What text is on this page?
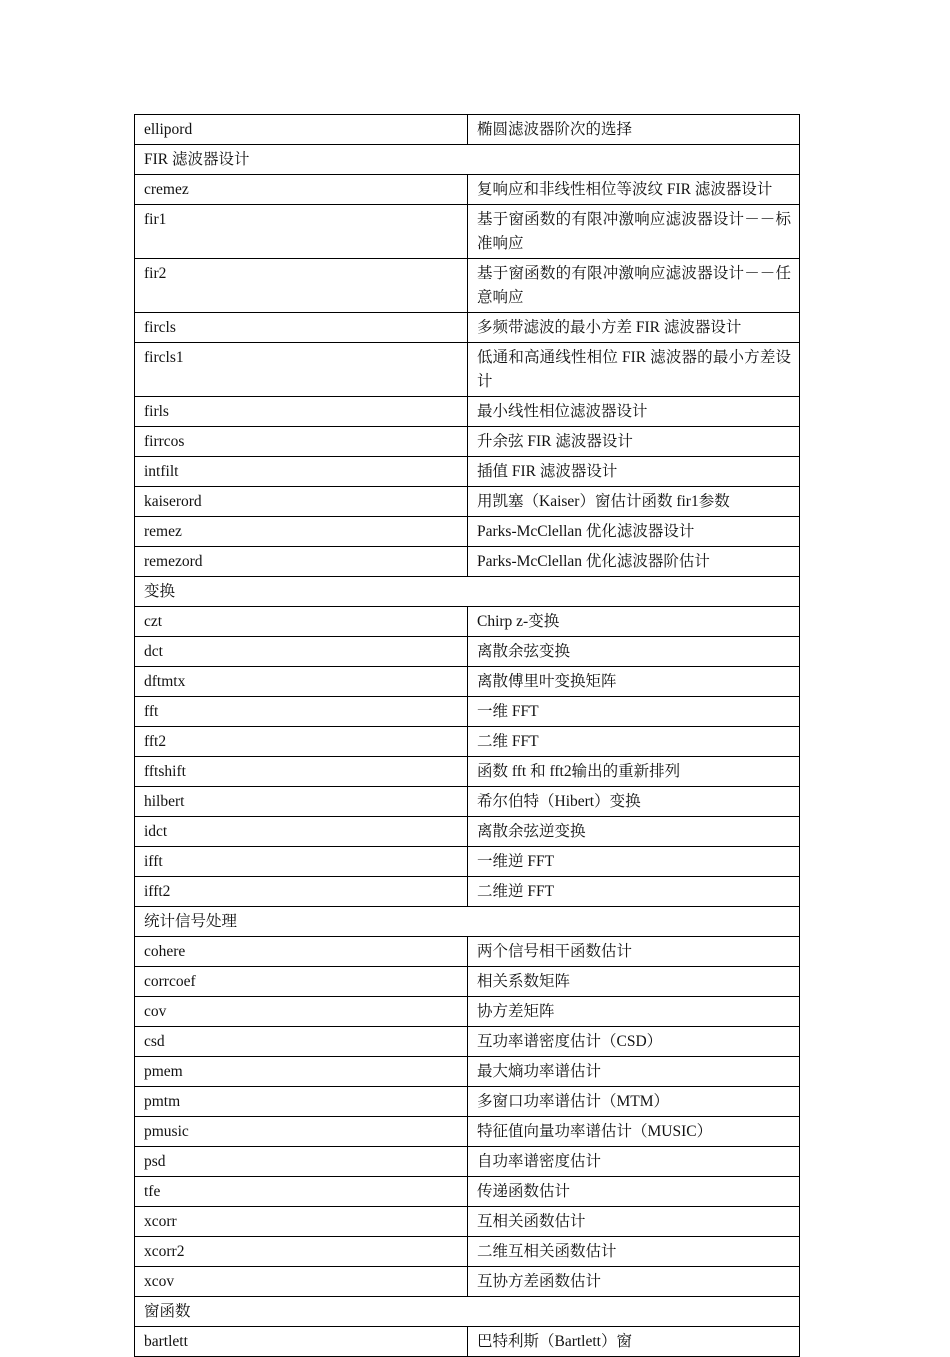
ellipord	椭圆滤波器阶次的选择
FIR 滤波器设计	
cremez	复响应和非线性相位等波纹 FIR 滤波器设计
fir1	基于窗函数的有限冲激响应滤波器设计－－标准响应
fir2	基于窗函数的有限冲激响应滤波器设计－－任意响应
fircls	多频带滤波的最小方差 FIR 滤波器设计
fircls1	低通和高通线性相位 FIR 滤波器的最小方差设计
firls	最小线性相位滤波器设计
firrcos	升余弦 FIR 滤波器设计
intfilt	插值 FIR 滤波器设计
kaiserord	用凯塞（Kaiser）窗估计函数 fir1参数
remez	Parks-McClellan 优化滤波器设计
remezord	Parks-McClellan 优化滤波器阶估计
变换	
czt	Chirp z-变换
dct	离散余弦变换
dftmtx	离散傅里叶变换矩阵
fft	一维 FFT
fft2	二维 FFT
fftshift	函数 fft 和 fft2输出的重新排列
hilbert	希尔伯特（Hibert）变换
idct	离散余弦逆变换
ifft	一维逆 FFT
ifft2	二维逆 FFT
统计信号处理	
cohere	两个信号相干函数估计
corrcoef	相关系数矩阵
cov	协方差矩阵
csd	互功率谱密度估计（CSD）
pmem	最大熵功率谱估计
pmtm	多窗口功率谱估计（MTM）
pmusic	特征值向量功率谱估计（MUSIC）
psd	自功率谱密度估计
tfe	传递函数估计
xcorr	互相关函数估计
xcorr2	二维互相关函数估计
xcov	互协方差函数估计
窗函数	
bartlett	巴特利斯（Bartlett）窗
